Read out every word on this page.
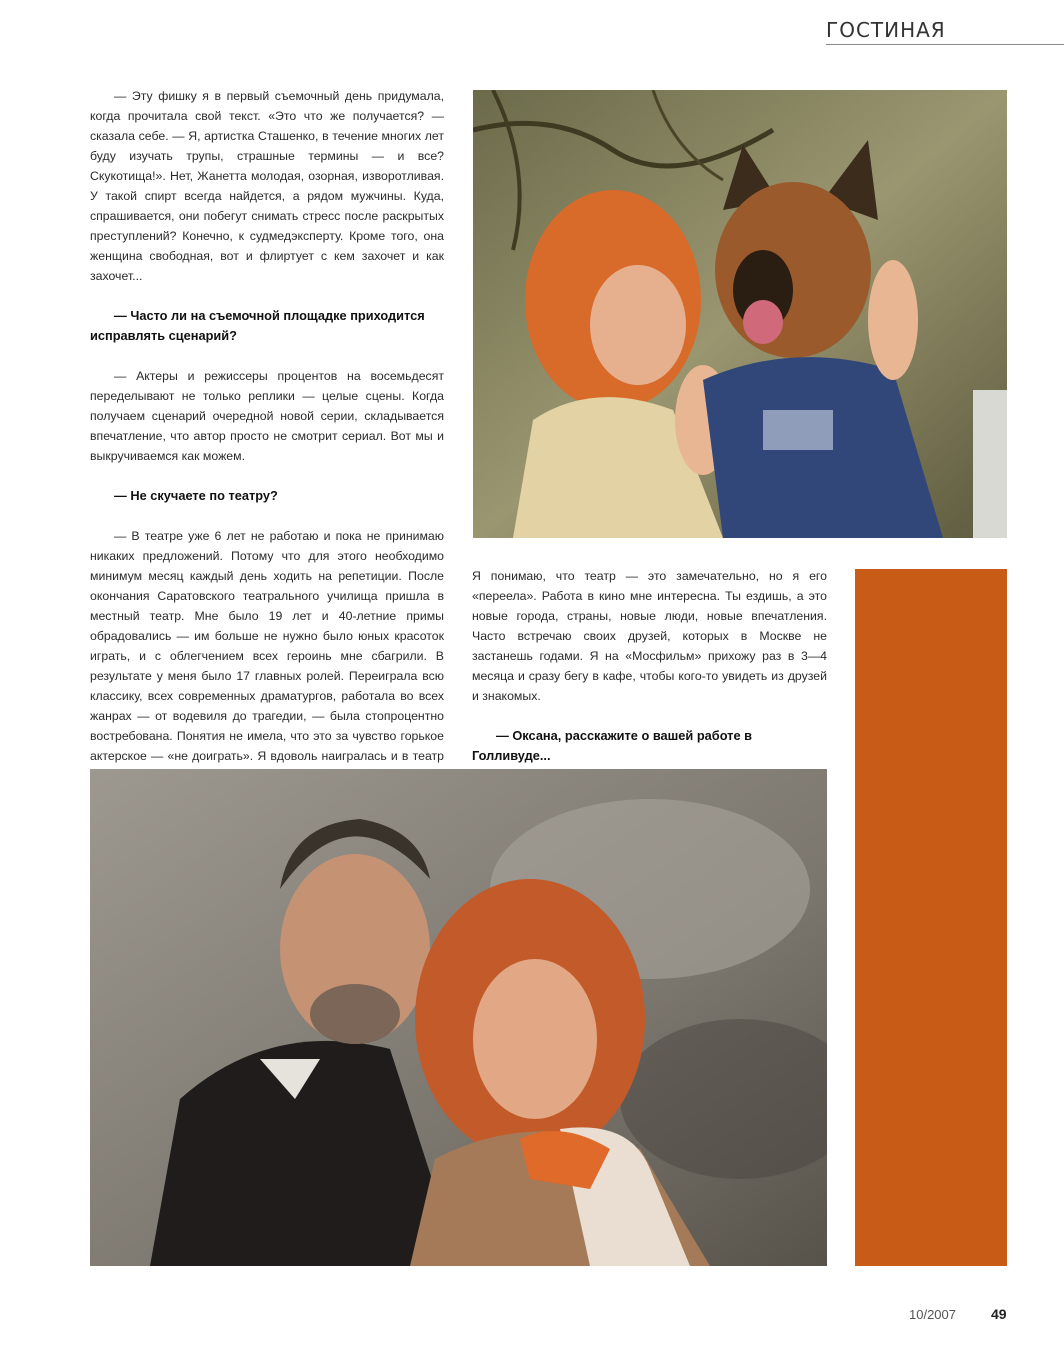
ГОСТИНАЯ

— Эту фишку я в первый съемочный день придумала, когда прочитала свой текст. «Это что же получается? — сказала себе. — Я, артистка Сташенко, в течение многих лет буду изучать трупы, страшные термины — и все? Скукотища!». Нет, Жанетта молодая, озорная, изворотливая. У такой спирт всегда найдется, а рядом мужчины. Куда, спрашивается, они побегут снимать стресс после раскрытых преступлений? Конечно, к судмедэксперту. Кроме того, она женщина свободная, вот и флиртует с кем захочет и как захочет...

— Часто ли на съемочной площадке приходится исправлять сценарий?

— Актеры и режиссеры процентов на восемьдесят переделывают не только реплики — целые сцены. Когда получаем сценарий очередной новой серии, складывается впечатление, что автор просто не смотрит сериал. Вот мы и выкручиваемся как можем.

— Не скучаете по театру?

— В театре уже 6 лет не работаю и пока не принимаю никаких предложений. Потому что для этого необходимо минимум месяц каждый день ходить на репетиции. После окончания Саратовского театрального училища пришла в местный театр. Мне было 19 лет и 40-летние примы обрадовались — им больше не нужно было юных красоток играть, и с облегчением всех героинь мне сбагрили. В результате у меня было 17 главных ролей. Переиграла всю классику, всех современных драматургов, работала во всех жанрах — от водевиля до трагедии, — была стопроцентно востребована. Понятия не имела, что это за чувство горькое актерское — «не доиграть». Я вдоволь наигралась и в театр

Я понимаю, что театр — это замечательно, но я его «переела». Работа в кино мне интересна. Ты ездишь, а это новые города, страны, новые люди, новые впечатления. Часто встречаю своих друзей, которых в Москве не застанешь годами. Я на «Мосфильм» прихожу раз в 3—4 месяца и сразу бегу в кафе, чтобы кого-то увидеть из друзей и знакомых.

— Оксана, расскажите о вашей работе в Голливуде...

10/2007	49
